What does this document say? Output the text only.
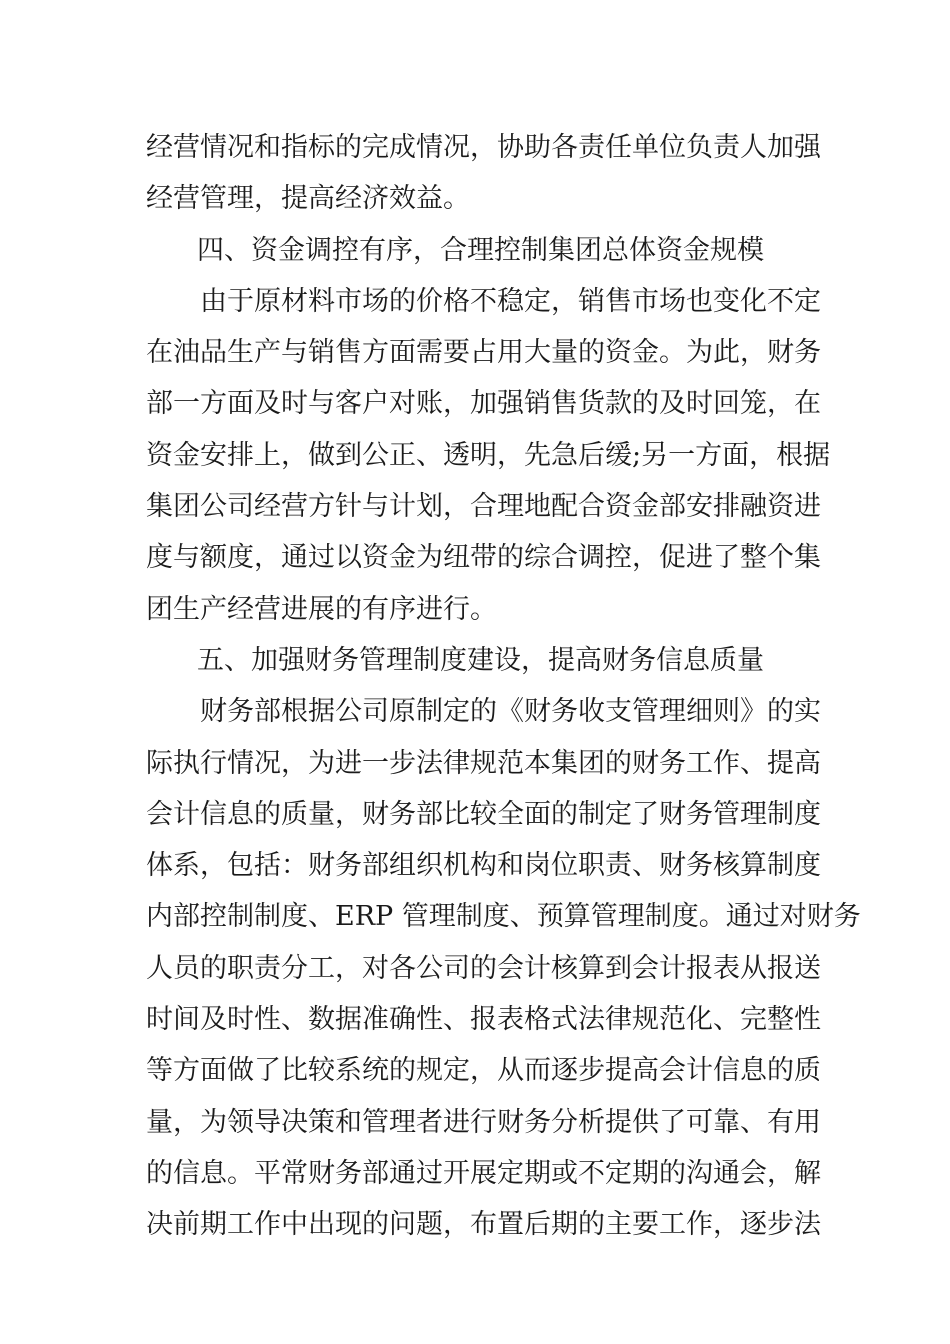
经营情况和指标的完成情况，协助各责任单位负责人加强
经营管理，提高经济效益。
四、资金调控有序，合理控制集团总体资金规模
由于原材料市场的价格不稳定，销售市场也变化不定
在油品生产与销售方面需要占用大量的资金。为此，财务
部一方面及时与客户对账，加强销售货款的及时回笼，在
资金安排上，做到公正、透明，先急后缓;另一方面，根据
集团公司经营方针与计划，合理地配合资金部安排融资进
度与额度，通过以资金为纽带的综合调控，促进了整个集
团生产经营进展的有序进行。
五、加强财务管理制度建设，提高财务信息质量
财务部根据公司原制定的《财务收支管理细则》的实
际执行情况，为进一步法律规范本集团的财务工作、提高
会计信息的质量，财务部比较全面的制定了财务管理制度
体系，包括：财务部组织机构和岗位职责、财务核算制度
内部控制制度、ERP 管理制度、预算管理制度。通过对财务
人员的职责分工，对各公司的会计核算到会计报表从报送
时间及时性、数据准确性、报表格式法律规范化、完整性
等方面做了比较系统的规定，从而逐步提高会计信息的质
量，为领导决策和管理者进行财务分析提供了可靠、有用
的信息。平常财务部通过开展定期或不定期的沟通会，解
决前期工作中出现的问题，布置后期的主要工作，逐步法
